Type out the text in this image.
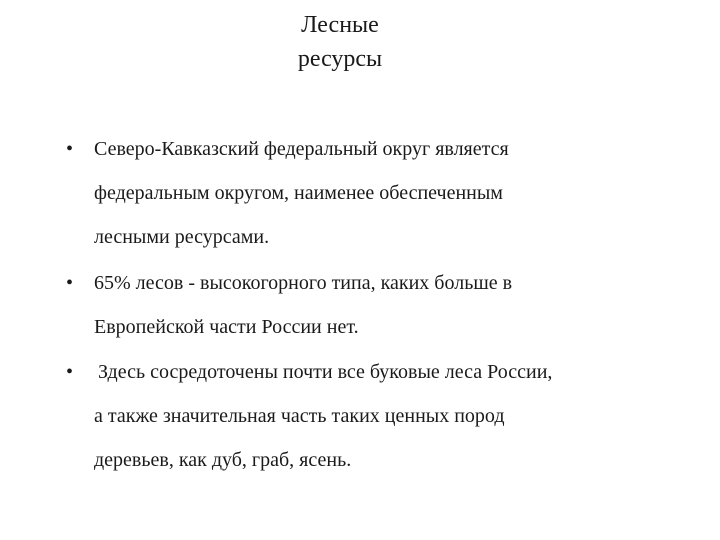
Лесные
ресурсы
•	Северо-Кавказский федеральный округ является
федеральным округом, наименее обеспеченным
лесными ресурсами.
•	65% лесов - высокогорного типа, каких больше в
Европейской части России нет.
•	Здесь сосредоточены почти все буковые леса России,
а также значительная часть таких ценных пород
деревьев, как дуб, граб, ясень.
